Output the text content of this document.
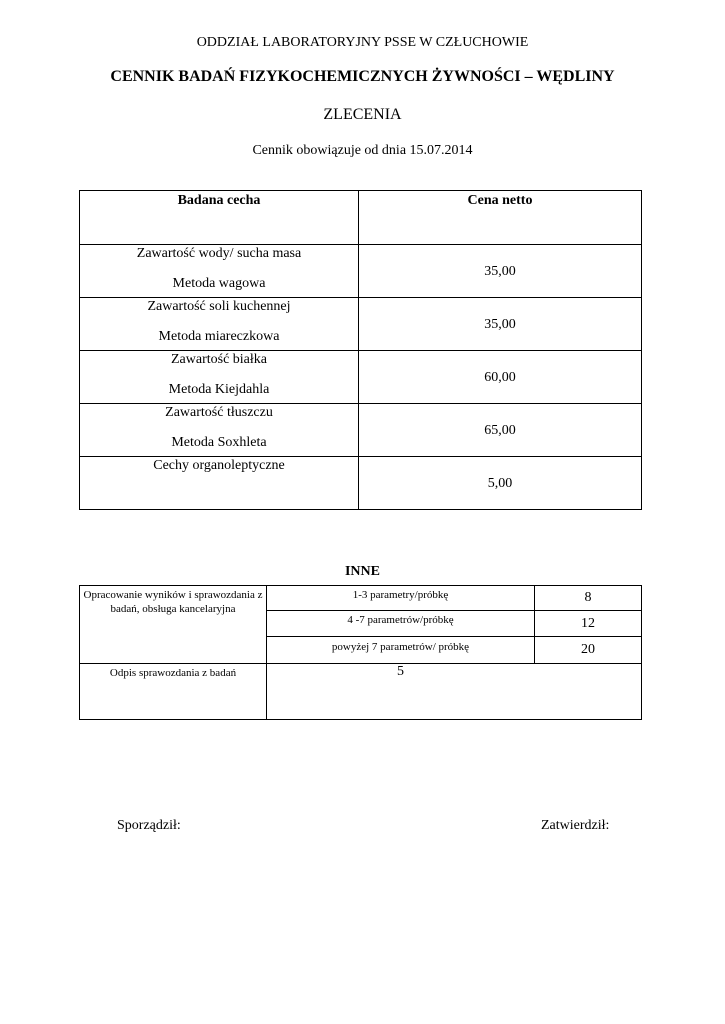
ODDZIAŁ LABORATORYJNY PSSE W CZŁUCHOWIE
CENNIK BADAŃ FIZYKOCHEMICZNYCH ŻYWNOŚCI – WĘDLINY
ZLECENIA
Cennik obowiązuje od dnia 15.07.2014
Badana cecha	Cena netto

Zawartość wody/ sucha masa
Metoda wagowa	35,00

Zawartość soli kuchennej
Metoda miareczkowa	35,00

Zawartość białka
Metoda Kiejdahla	60,00

Zawartość tłuszczu
Metoda Soxhleta	65,00

Cechy organoleptyczne	5,00
INNE
Opracowanie wyników i sprawozdania z badań, obsługa kancelaryjna	1-3 parametry/próbkę	8
	4 -7 parametrów/próbkę	12
	powyżej 7 parametrów/ próbkę	20
Odpis sprawozdania z badań	5	
Sporządził:	Zatwierdził:
